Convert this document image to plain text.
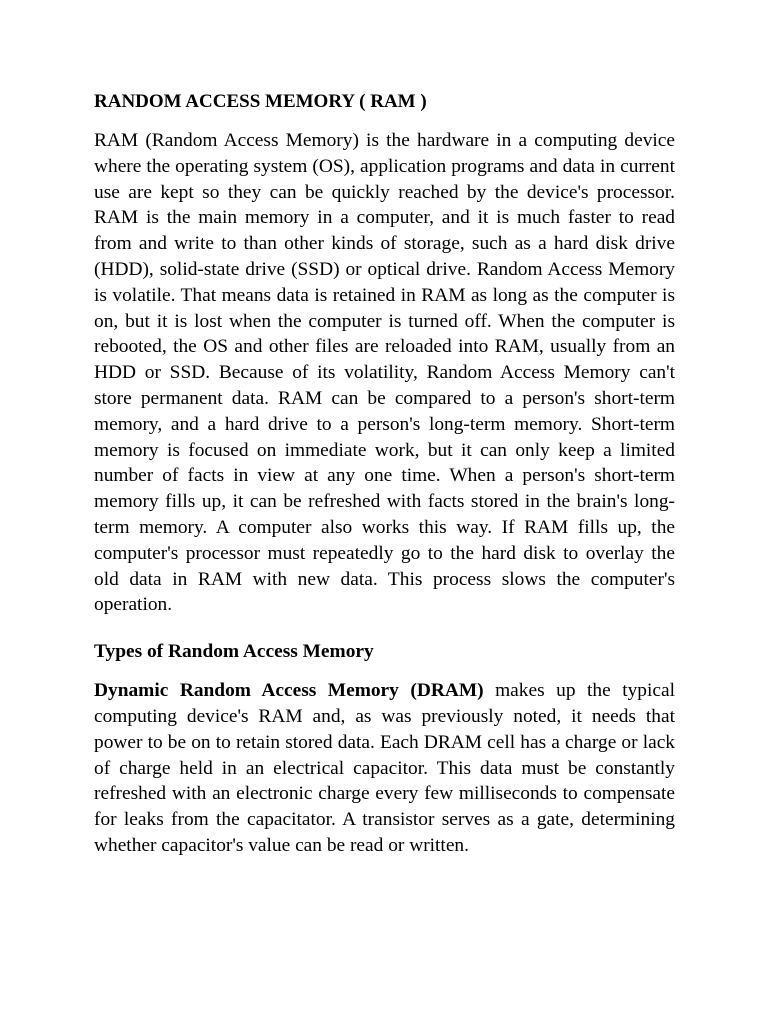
RANDOM ACCESS MEMORY ( RAM )

RAM (Random Access Memory) is the hardware in a computing device where the operating system (OS), application programs and data in current use are kept so they can be quickly reached by the device's processor. RAM is the main memory in a computer, and it is much faster to read from and write to than other kinds of storage, such as a hard disk drive (HDD), solid-state drive (SSD) or optical drive. Random Access Memory is volatile. That means data is retained in RAM as long as the computer is on, but it is lost when the computer is turned off. When the computer is rebooted, the OS and other files are reloaded into RAM, usually from an HDD or SSD. Because of its volatility, Random Access Memory can't store permanent data. RAM can be compared to a person's short-term memory, and a hard drive to a person's long-term memory. Short-term memory is focused on immediate work, but it can only keep a limited number of facts in view at any one time. When a person's short-term memory fills up, it can be refreshed with facts stored in the brain's long-term memory. A computer also works this way. If RAM fills up, the computer's processor must repeatedly go to the hard disk to overlay the old data in RAM with new data. This process slows the computer's operation.

Types of Random Access Memory

Dynamic Random Access Memory (DRAM) makes up the typical computing device's RAM and, as was previously noted, it needs that power to be on to retain stored data. Each DRAM cell has a charge or lack of charge held in an electrical capacitor. This data must be constantly refreshed with an electronic charge every few milliseconds to compensate for leaks from the capacitator. A transistor serves as a gate, determining whether capacitor's value can be read or written.
